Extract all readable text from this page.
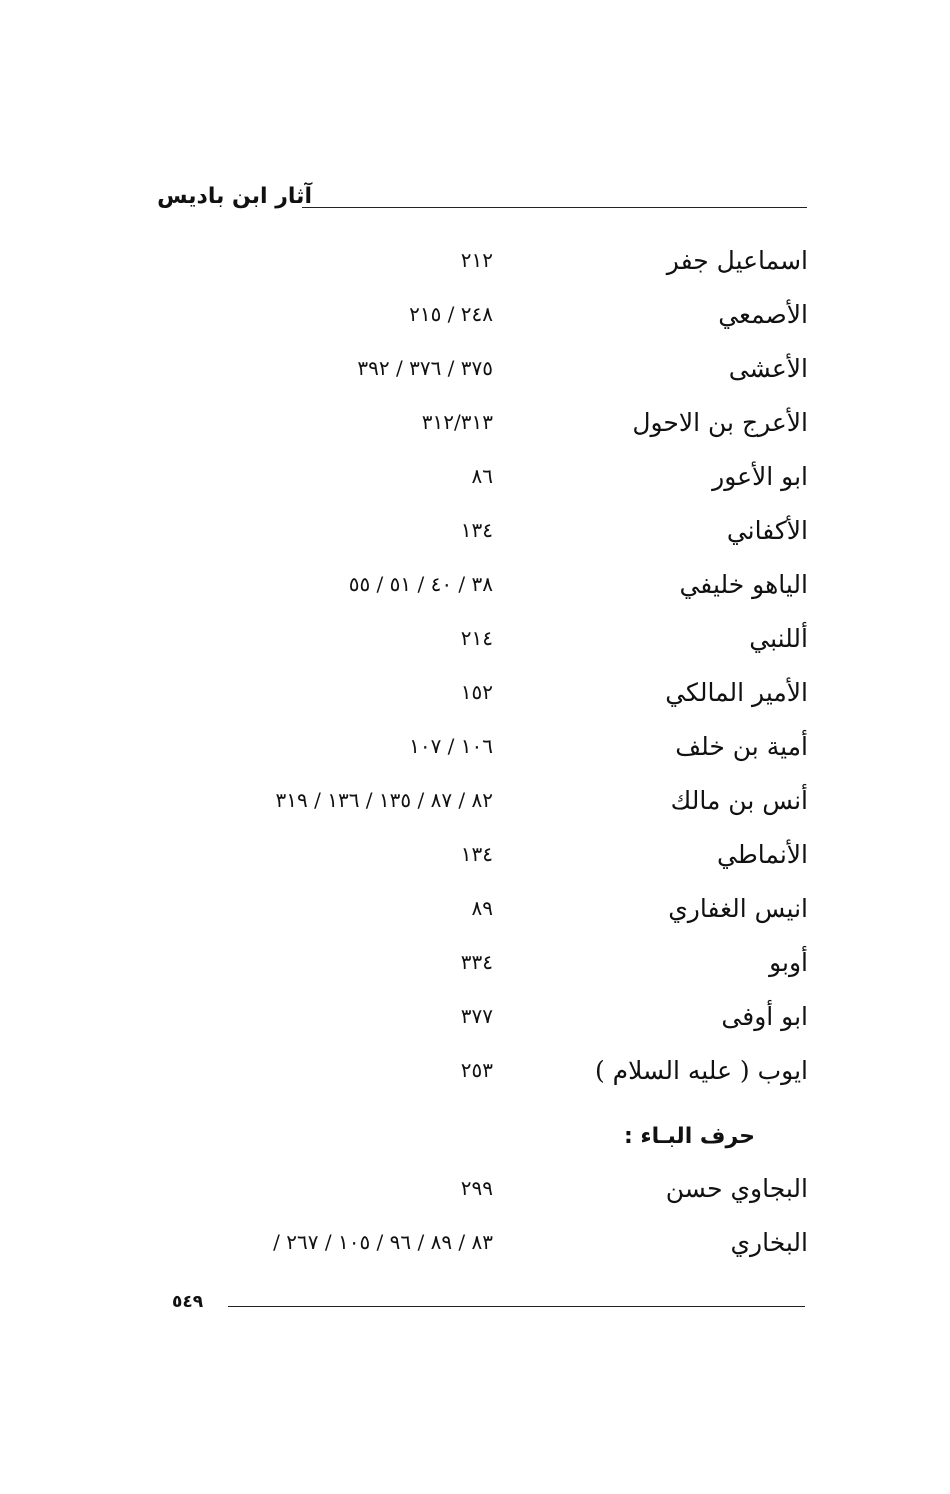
آثار ابن باديس
اسماعيل جفر
٢١٢
الأصمعي
٢٤٨ / ٢١٥
الأعشى
٣٧٥ / ٣٧٦ / ٣٩٢
الأعرج بن الاحول
٣١٢/٣١٣
ابو الأعور
٨٦
الأكفاني
١٣٤
الياهو خليفي
٣٨ / ٤٠ / ٥١ / ٥٥
أللنبي
٢١٤
الأمير المالكي
١٥٢
أمية بن خلف
١٠٦ / ١٠٧
أنس بن مالك
٨٢ / ٨٧ / ١٣٥ / ١٣٦ / ٣١٩
الأنماطي
١٣٤
انيس الغفاري
٨٩
أوبو
٣٣٤
ابو أوفى
٣٧٧
ايوب ( عليه السلام )
٢٥٣
حرف البـاء :
البجاوي حسن
٢٩٩
البخاري
٨٣ / ٨٩ / ٩٦ / ١٠٥ / ٢٦٧ /
٥٤٩
